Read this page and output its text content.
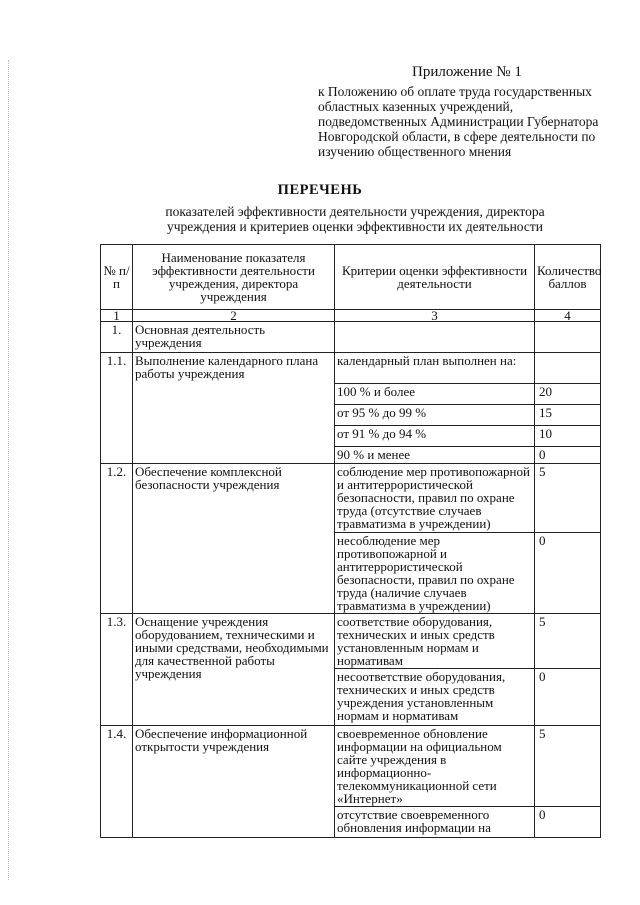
Приложение № 1
к Положению об оплате труда государственных областных казенных учреждений, подведомственных Администрации Губернатора Новгородской области, в сфере деятельности по изучению общественного мнения
ПЕРЕЧЕНЬ
показателей эффективности деятельности учреждения, директора учреждения и критериев оценки эффективности их деятельности
№ п/п	Наименование показателя эффективности деятельности учреждения, директора учреждения	Критерии оценки эффективности деятельности	Количество баллов
1	2	3	4
1.	Основная деятельность учреждения		
1.1.	Выполнение календарного плана работы учреждения	календарный план выполнен на:	
		100 % и более	20
		от 95 % до 99 %	15
		от 91 % до 94 %	10
		90 % и менее	0
1.2.	Обеспечение комплексной безопасности учреждения	соблюдение мер противопожарной и антитеррористической безопасности, правил по охране труда (отсутствие случаев травматизма в учреждении)	5
		несоблюдение мер противопожарной и антитеррористической безопасности, правил по охране труда (наличие случаев травматизма в учреждении)	0
1.3.	Оснащение учреждения оборудованием, техническими и иными средствами, необходимыми для качественной работы учреждения	соответствие оборудования, технических и иных средств установленным нормам и нормативам	5
		несоответствие оборудования, технических и иных средств учреждения установленным нормам и нормативам	0
1.4.	Обеспечение информационной открытости учреждения	своевременное обновление информации на официальном сайте учреждения в информационно-телекоммуникационной сети «Интернет»	5
		отсутствие своевременного обновления информации на	0
